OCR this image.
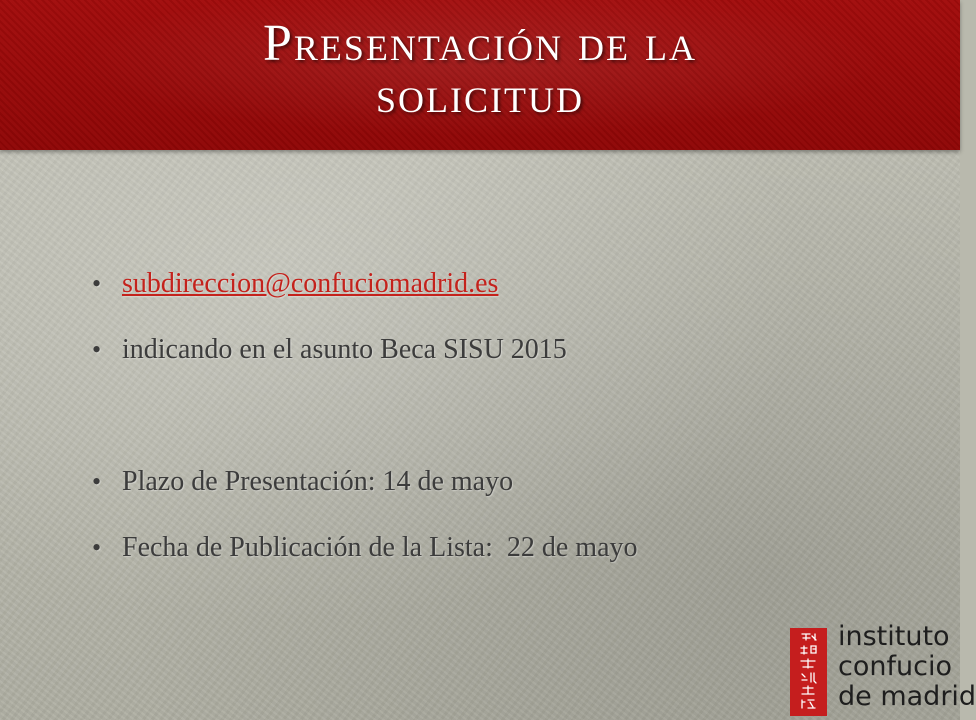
Presentación de la
solicitud
• subdireccion@confuciomadrid.es
• indicando en el asunto Beca SISU 2015
• Plazo de Presentación: 14 de mayo
• Fecha de Publicación de la Lista:  22 de mayo
instituto
confucio
de madrid
